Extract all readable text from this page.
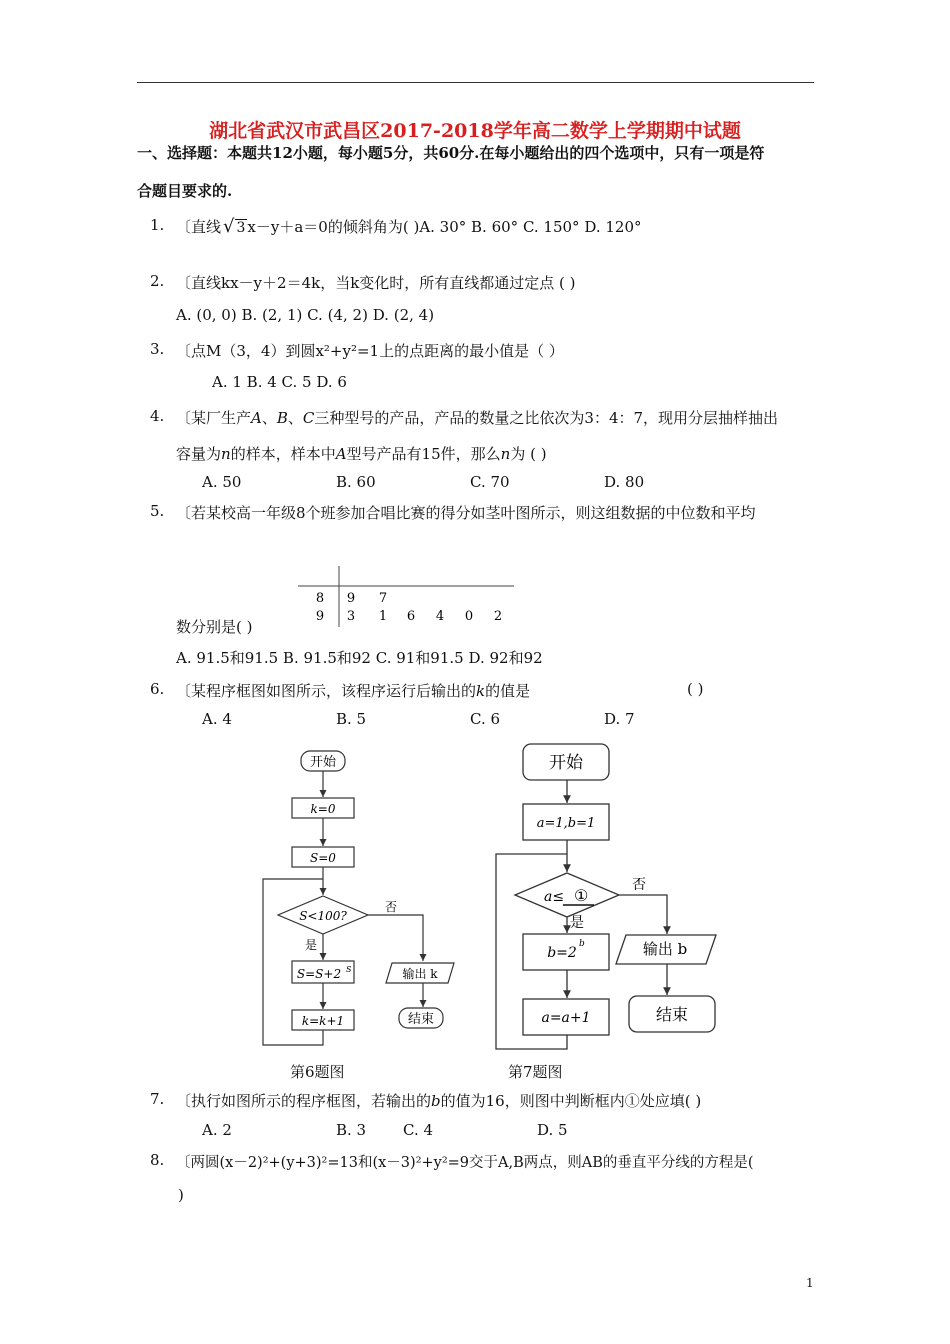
湖北省武汉市武昌区2017-2018学年高二数学上学期期中试题
一、选择题：本题共12小题，每小题5分，共60分.在每小题给出的四个选项中，只有一项是符
合题目要求的.
1. 〔直线 √ 3 x－y＋a＝0的倾斜角为( )A. 30° B. 60° C. 150° D. 120°
2. 〔直线kx－y＋2＝4k，当k变化时，所有直线都通过定点 ( )
A. (0, 0) B. (2, 1) C. (4, 2) D. (2, 4)
3. 〔点M（3，4）到圆x²+y²=1上的点距离的最小值是（ ）
A. 1 B. 4 C. 5 D. 6
4. 〔某厂生产A、B、C三种型号的产品，产品的数量之比依次为3：4：7，现用分层抽样抽出
容量为n的样本，样本中A型号产品有15件，那么n为 ( )
A. 50	B. 60	C. 70	D. 80
5. 〔若某校高一年级8个班参加合唱比赛的得分如茎叶图所示，则这组数据的中位数和平均
8 9 7
9 3 1 6 4 0 2
数分别是( )
A. 91.5和91.5 B. 91.5和92 C. 91和91.5 D. 92和92
6. 〔某程序框图如图所示，该程序运行后输出的k的值是	( )
A. 4	B. 5	C. 6	D. 7
开始
k=0
S=0
S<100?
否
是
S=S+2 S
k=k+1
输出 k
结束
开始
a=1,b=1
a≤ ①
否
是
b=2
b
a=a+1
输出 b
结束
第6题图	第7题图
7. 〔执行如图所示的程序框图，若输出的b的值为16，则图中判断框内①处应填( )
A. 2	B. 3 C. 4	D. 5
8. 〔两圆(x－2)²+(y+3)²=13和(x－3)²+y²=9交于A,B两点，则AB的垂直平分线的方程是(
)
1
